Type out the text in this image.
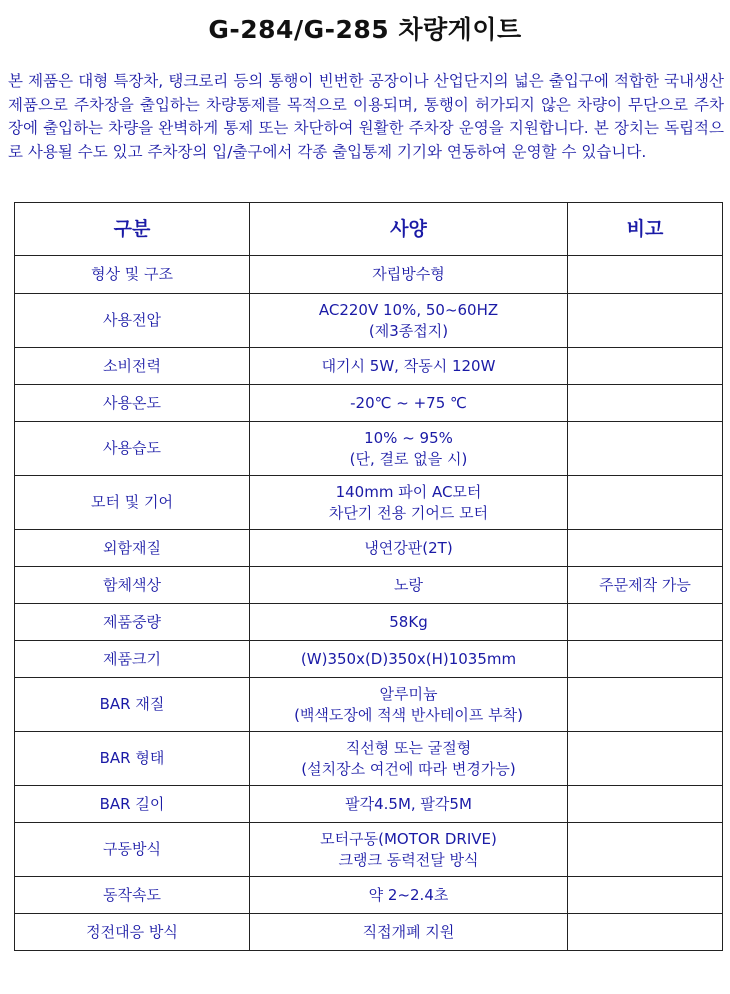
G-284/G-285 차량게이트
본 제품은 대형 특장차, 탱크로리 등의 통행이 빈번한 공장이나 산업단지의 넓은 출입구에 적합한 국내생산 제품으로 주차장을 출입하는 차량통제를 목적으로 이용되며, 통행이 허가되지 않은 차량이 무단으로 주차장에 출입하는 차량을 완벽하게 통제 또는 차단하여 원활한 주차장 운영을 지원합니다. 본 장치는 독립적으로 사용될 수도 있고 주차장의 입/출구에서 각종 출입통제 기기와 연동하여 운영할 수 있습니다.
구분	사양	비고
형상 및 구조	자립방수형	

사용전압	AC220V 10%, 50~60HZ
(제3종접지)	

소비전력	대기시 5W, 작동시 120W	

사용온도	-20℃ ~ +75 ℃	

사용습도	10% ~ 95%
(단, 결로 없을 시)	

모터 및 기어	140mm 파이 AC모터
차단기 전용 기어드 모터	

외함재질	냉연강판(2T)	

함체색상	노랑	주문제작 가능
제품중량	58Kg	

제품크기	(W)350x(D)350x(H)1035mm	

BAR 재질	알루미늄
(백색도장에 적색 반사테이프 부착)	

BAR 형태	직선형 또는 굴절형
(설치장소 여건에 따라 변경가능)	

BAR 길이	팔각4.5M, 팔각5M	

구동방식	모터구동(MOTOR DRIVE)
크랭크 동력전달 방식	

동작속도	약 2~2.4초	

정전대응 방식	직접개폐 지원	
